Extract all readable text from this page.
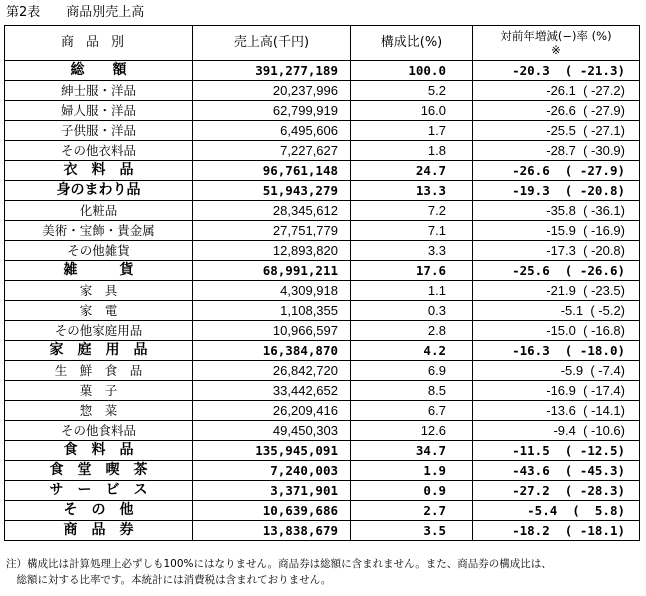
第2表　　商品別売上高
商品別	売上高(千円)	構成比(%)	対前年増減(−)率 (%)
※
総　　額	391,277,189	100.0	-20.3  ( -21.3)
紳士服・洋品	20,237,996	5.2	-26.1  ( -27.2)
婦人服・洋品	62,799,919	16.0	-26.6  ( -27.9)
子供服・洋品	6,495,606	1.7	-25.5  ( -27.1)
その他衣料品	7,227,627	1.8	-28.7  ( -30.9)
衣　料　品	96,761,148	24.7	-26.6  ( -27.9)
身のまわり品	51,943,279	13.3	-19.3  ( -20.8)
化粧品	28,345,612	7.2	-35.8  ( -36.1)
美術・宝飾・貴金属	27,751,779	7.1	-15.9  ( -16.9)
その他雑貨	12,893,820	3.3	-17.3  ( -20.8)
雑　　　貨	68,991,211	17.6	-25.6  ( -26.6)
家　具	4,309,918	1.1	-21.9  ( -23.5)
家　電	1,108,355	0.3	-5.1  ( -5.2)
その他家庭用品	10,966,597	2.8	-15.0  ( -16.8)
家　庭　用　品	16,384,870	4.2	-16.3  ( -18.0)
生　鮮　食　品	26,842,720	6.9	-5.9  ( -7.4)
菓　子	33,442,652	8.5	-16.9  ( -17.4)
惣　菜	26,209,416	6.7	-13.6  ( -14.1)
その他食料品	49,450,303	12.6	-9.4  ( -10.6)
食　料　品	135,945,091	34.7	-11.5  ( -12.5)
食　堂　喫　茶	7,240,003	1.9	-43.6  ( -45.3)
サ　ー　ビ　ス	3,371,901	0.9	-27.2  ( -28.3)
そ　の　他	10,639,686	2.7	-5.4  (  5.8)
商　品　券	13,838,679	3.5	-18.2  ( -18.1)
注）構成比は計算処理上必ずしも100%にはなりません。商品券は総額に含まれません。また、商品券の構成比は、
　総額に対する比率です。本統計には消費税は含まれておりません。
